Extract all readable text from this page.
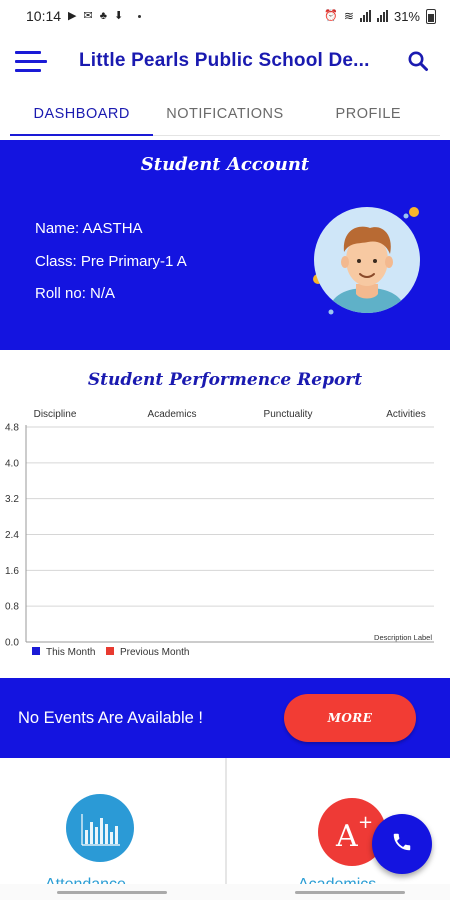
10:14 ▶ ✉ ♣ ⬇	⏰ ≋	31%
Little Pearls Public School De...
DASHBOARD	NOTIFICATIONS	PROFILE
Student Account
Name: AASTHA
Class: Pre Primary-1 A
Roll no: N/A
Student Performence Report
Discipline	Academics	Punctuality	Activities
0.0
0.8
1.6
2.4
3.2
4.0
4.8
Description Label
This Month Previous Month
No Events Are Available !	MORE
A +
